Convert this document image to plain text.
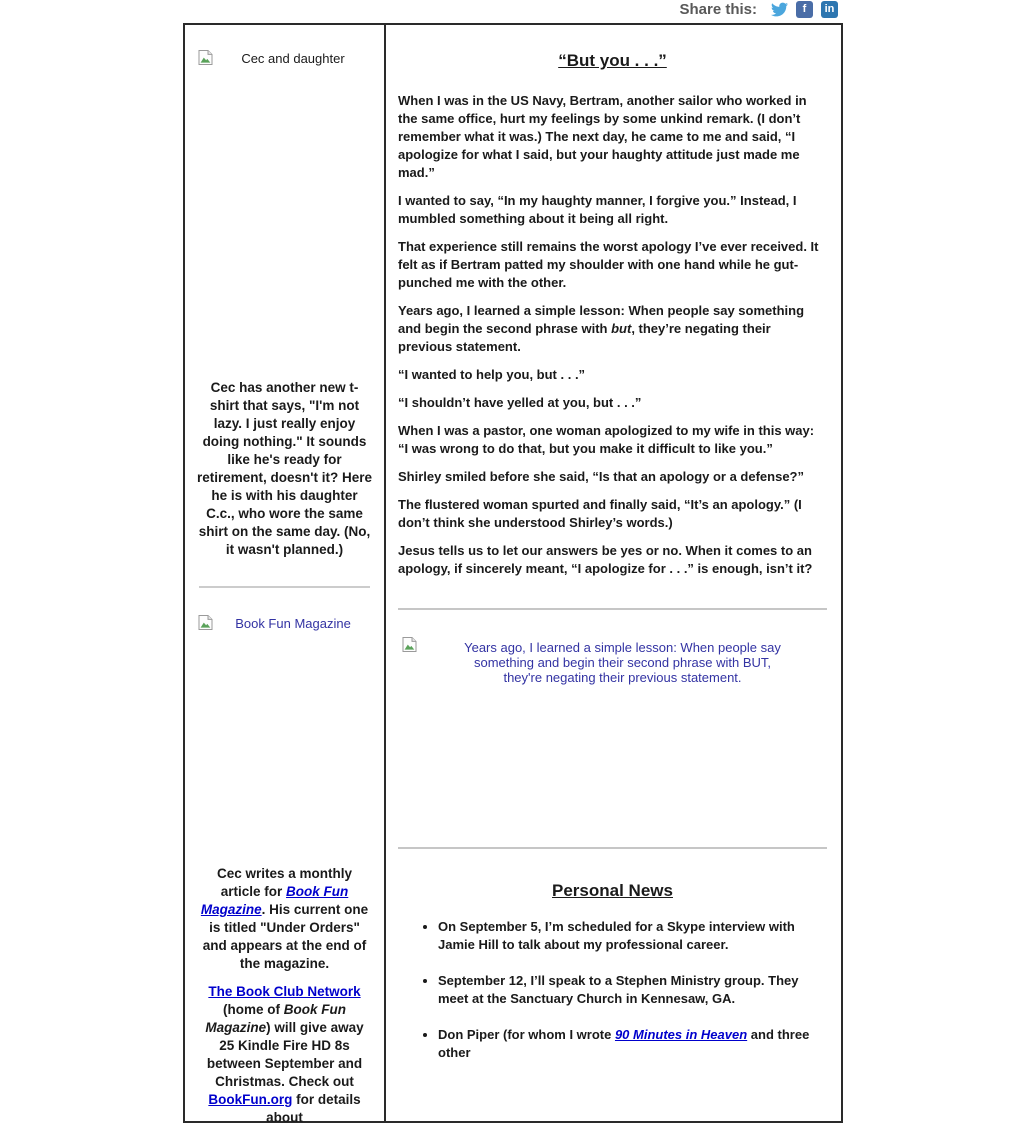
Share this:	f	in
Cec and daughter
Cec has another new t-shirt that says, "I'm not lazy. I just really enjoy doing nothing." It sounds like he's ready for retirement, doesn't it? Here he is with his daughter C.c., who wore the same shirt on the same day. (No, it wasn't planned.)
Book Fun Magazine
Cec writes a monthly article for Book Fun Magazine. His current one is titled "Under Orders" and appears at the end of the magazine.
The Book Club Network (home of Book Fun Magazine) will give away 25 Kindle Fire HD 8s between September and Christmas. Check out BookFun.org for details about
“But you . . .”

When I was in the US Navy, Bertram, another sailor who worked in the same office, hurt my feelings by some unkind remark. (I don’t remember what it was.) The next day, he came to me and said, “I apologize for what I said, but your haughty attitude just made me mad.”

I wanted to say, “In my haughty manner, I forgive you.” Instead, I mumbled something about it being all right.

That experience still remains the worst apology I’ve ever received. It felt as if Bertram patted my shoulder with one hand while he gut-punched me with the other.

Years ago, I learned a simple lesson: When people say something and begin the second phrase with but, they’re negating their previous statement.

“I wanted to help you, but . . .”

“I shouldn’t have yelled at you, but . . .”

When I was a pastor, one woman apologized to my wife in this way: “I was wrong to do that, but you make it difficult to like you.”

Shirley smiled before she said, “Is that an apology or a defense?”

The flustered woman spurted and finally said, “It’s an apology.” (I don’t think she understood Shirley’s words.)

Jesus tells us to let our answers be yes or no. When it comes to an apology, if sincerely meant, “I apologize for . . .” is enough, isn’t it?

Years ago, I learned a simple lesson: When people say something and begin their second phrase with BUT, they're negating their previous statement.
Personal News
• On September 5, I’m scheduled for a Skype interview with Jamie Hill to talk about my professional career.
• September 12, I’ll speak to a Stephen Ministry group. They meet at the Sanctuary Church in Kennesaw, GA.
• Don Piper (for whom I wrote 90 Minutes in Heaven and three other
